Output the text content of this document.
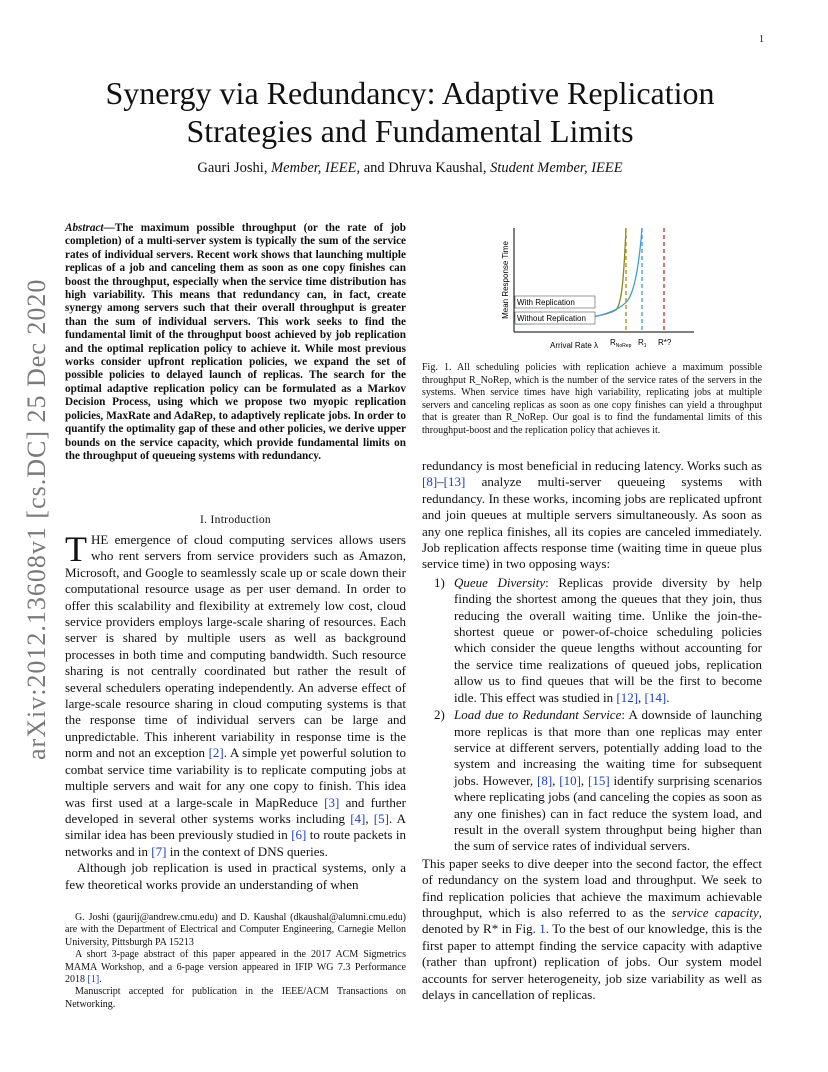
1
arXiv:2012.13608v1 [cs.DC] 25 Dec 2020
Synergy via Redundancy: Adaptive Replication
Strategies and Fundamental Limits
Gauri Joshi, Member, IEEE, and Dhruva Kaushal, Student Member, IEEE
Abstract—The maximum possible throughput (or the rate of job completion) of a multi-server system is typically the sum of the service rates of individual servers. Recent work shows that launching multiple replicas of a job and canceling them as soon as one copy finishes can boost the throughput, especially when the service time distribution has high variability. This means that redundancy can, in fact, create synergy among servers such that their overall throughput is greater than the sum of individual servers. This work seeks to find the fundamental limit of the throughput boost achieved by job replication and the optimal replication policy to achieve it. While most previous works consider upfront replication policies, we expand the set of possible policies to delayed launch of replicas. The search for the optimal adaptive replication policy can be formulated as a Markov Decision Process, using which we propose two myopic replication policies, MaxRate and AdaRep, to adaptively replicate jobs. In order to quantify the optimality gap of these and other policies, we derive upper bounds on the service capacity, which provide fundamental limits on the throughput of queueing systems with redundancy.
I. Introduction

THE emergence of cloud computing services allows users who rent servers from service providers such as Amazon, Microsoft, and Google to seamlessly scale up or scale down their computational resource usage as per user demand. In order to offer this scalability and flexibility at extremely low cost, cloud service providers employs large-scale sharing of resources. Each server is shared by multiple users as well as background processes in both time and computing bandwidth. Such resource sharing is not centrally coordinated but rather the result of several schedulers operating independently. An adverse effect of large-scale resource sharing in cloud computing systems is that the response time of individual servers can be large and unpredictable. This inherent variability in response time is the norm and not an exception [2]. A simple yet powerful solution to combat service time variability is to replicate computing jobs at multiple servers and wait for any one copy to finish. This idea was first used at a large-scale in MapReduce [3] and further developed in several other systems works including [4], [5]. A similar idea has been previously studied in [6] to route packets in networks and in [7] in the context of DNS queries.

Although job replication is used in practical systems, only a few theoretical works provide an understanding of when

G. Joshi (gaurij@andrew.cmu.edu) and D. Kaushal (dkaushal@alumni.cmu.edu) are with the Department of Electrical and Computer Engineering, Carnegie Mellon University, Pittsburgh PA 15213

A short 3-page abstract of this paper appeared in the 2017 ACM Sigmetrics MAMA Workshop, and a 6-page version appeared in IFIP WG 7.3 Performance 2018 [1].

Manuscript accepted for publication in the IEEE/ACM Transactions on Networking.

Mean Response Time With Replication
Without Replication
Arrival Rate λ $R_{NoRep}$ $R_1$ R*?
Fig. 1. All scheduling policies with replication achieve a maximum possible throughput R_NoRep, which is the number of the service rates of the servers in the systems. When service times have high variability, replicating jobs at multiple servers and canceling replicas as soon as one copy finishes can yield a throughput that is greater than R_NoRep. Our goal is to find the fundamental limits of this throughput-boost and the replication policy that achieves it.

redundancy is most beneficial in reducing latency. Works such as [8]–[13] analyze multi-server queueing systems with redundancy. In these works, incoming jobs are replicated upfront and join queues at multiple servers simultaneously. As soon as any one replica finishes, all its copies are canceled immediately. Job replication affects response time (waiting time in queue plus service time) in two opposing ways:

1) Queue Diversity: Replicas provide diversity by help finding the shortest among the queues that they join, thus reducing the overall waiting time. Unlike the join-the-shortest queue or power-of-choice scheduling policies which consider the queue lengths without accounting for the service time realizations of queued jobs, replication allow us to find queues that will be the first to become idle. This effect was studied in [12], [14].
2) Load due to Redundant Service: A downside of launching more replicas is that more than one replicas may enter service at different servers, potentially adding load to the system and increasing the waiting time for subsequent jobs. However, [8], [10], [15] identify surprising scenarios where replicating jobs (and canceling the copies as soon as any one finishes) can in fact reduce the system load, and result in the overall system throughput being higher than the sum of service rates of individual servers.

This paper seeks to dive deeper into the second factor, the effect of redundancy on the system load and throughput. We seek to find replication policies that achieve the maximum achievable throughput, which is also referred to as the service capacity, denoted by R* in Fig. 1. To the best of our knowledge, this is the first paper to attempt finding the service capacity with adaptive (rather than upfront) replication of jobs. Our system model accounts for server heterogeneity, job size variability as well as delays in cancellation of replicas.
